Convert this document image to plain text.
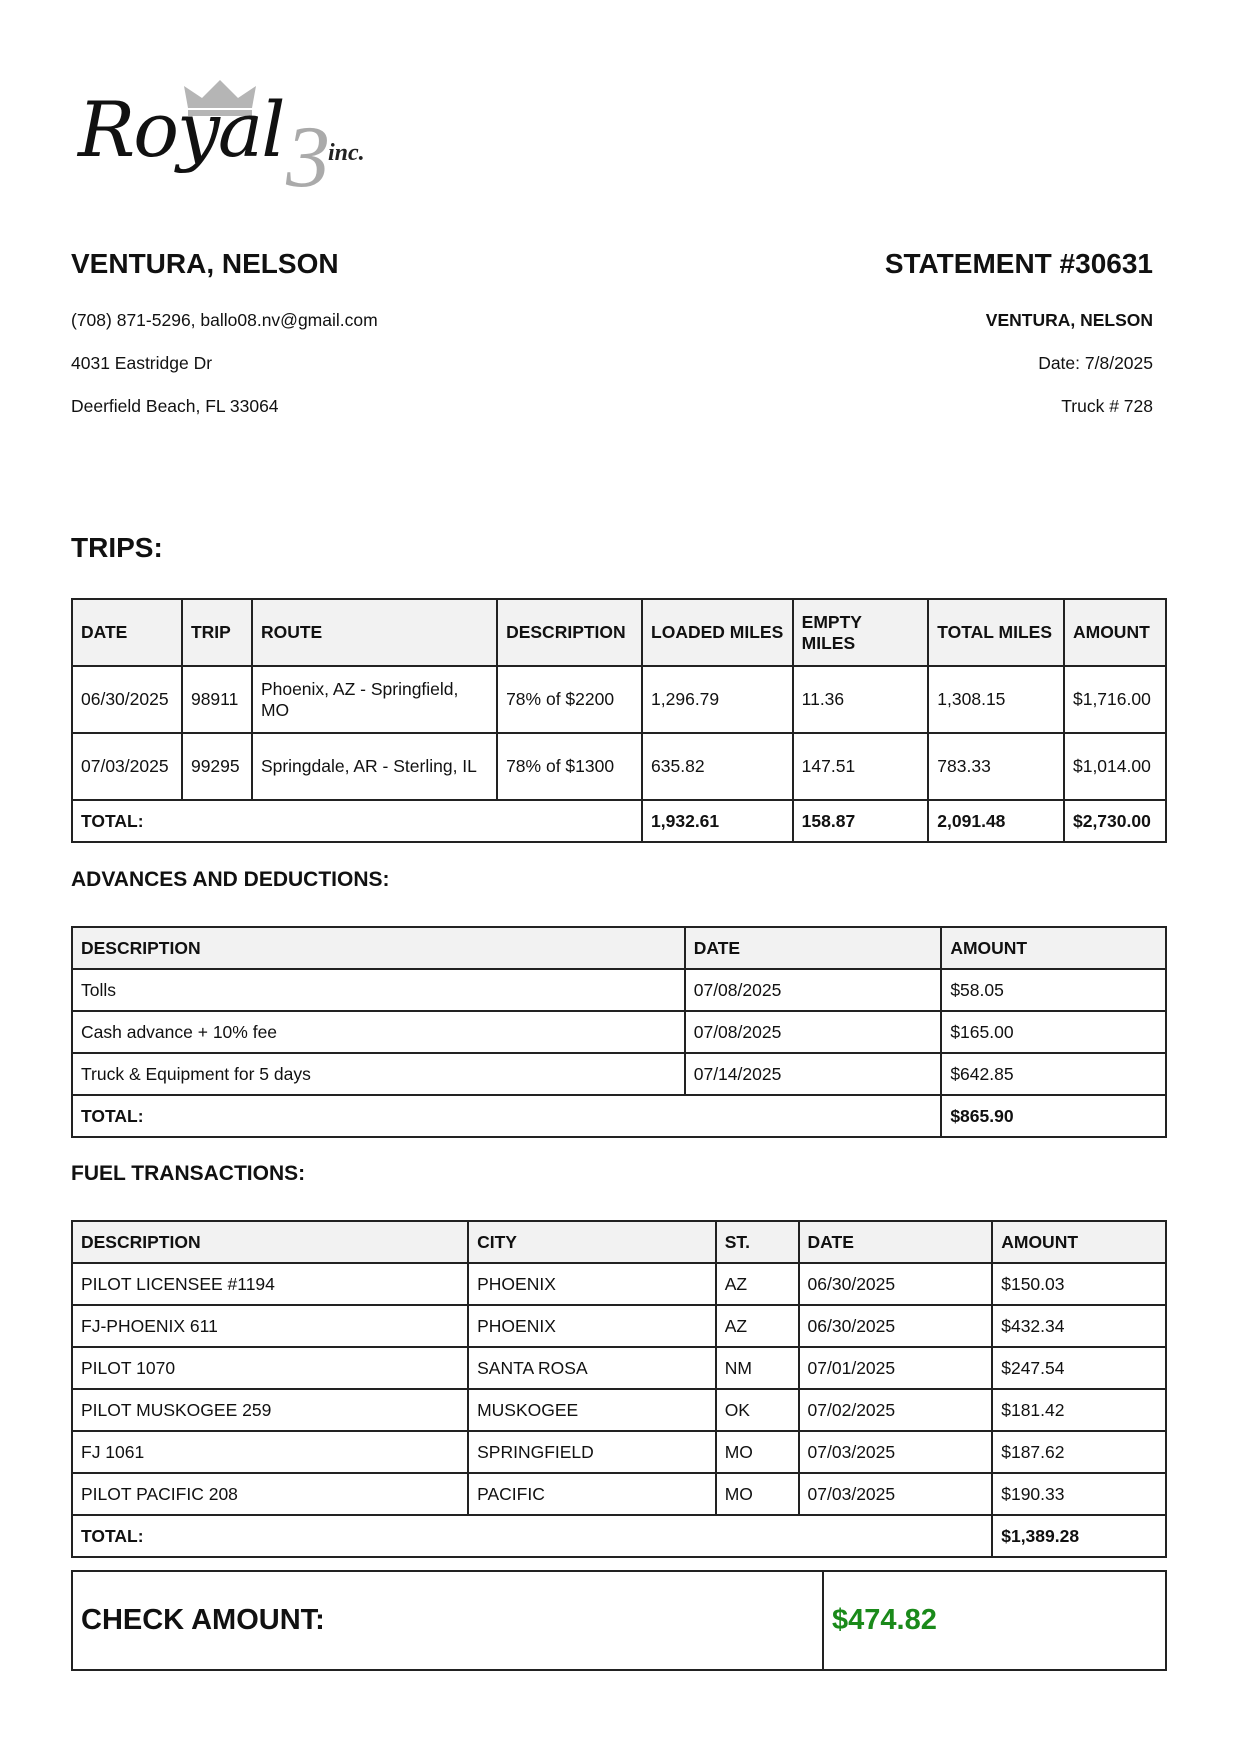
Royal 3
inc.
VENTURA, NELSON
(708) 871-5296, ballo08.nv@gmail.com
4031 Eastridge Dr
Deerfield Beach, FL 33064
STATEMENT #30631
VENTURA, NELSON
Date: 7/8/2025
Truck # 728
TRIPS:
DATE	TRIP	ROUTE	DESCRIPTION	LOADED MILES	EMPTY MILES	TOTAL MILES	AMOUNT
06/30/2025	98911	Phoenix, AZ - Springfield, MO	78% of $2200	1,296.79	11.36	1,308.15	$1,716.00
07/03/2025	99295	Springdale, AR - Sterling, IL	78% of $1300	635.82	147.51	783.33	$1,014.00
TOTAL:				1,932.61	158.87	2,091.48	$2,730.00
ADVANCES AND DEDUCTIONS:
DESCRIPTION	DATE	AMOUNT
Tolls	07/08/2025	$58.05
Cash advance + 10% fee	07/08/2025	$165.00
Truck & Equipment for 5 days	07/14/2025	$642.85
TOTAL:		$865.90
FUEL TRANSACTIONS:
DESCRIPTION	CITY	ST.	DATE	AMOUNT
PILOT LICENSEE #1194	PHOENIX	AZ	06/30/2025	$150.03
FJ-PHOENIX 611	PHOENIX	AZ	06/30/2025	$432.34
PILOT 1070	SANTA ROSA	NM	07/01/2025	$247.54
PILOT MUSKOGEE 259	MUSKOGEE	OK	07/02/2025	$181.42
FJ 1061	SPRINGFIELD	MO	07/03/2025	$187.62
PILOT PACIFIC 208	PACIFIC	MO	07/03/2025	$190.33
TOTAL:				$1,389.28
CHECK AMOUNT:	$474.82
